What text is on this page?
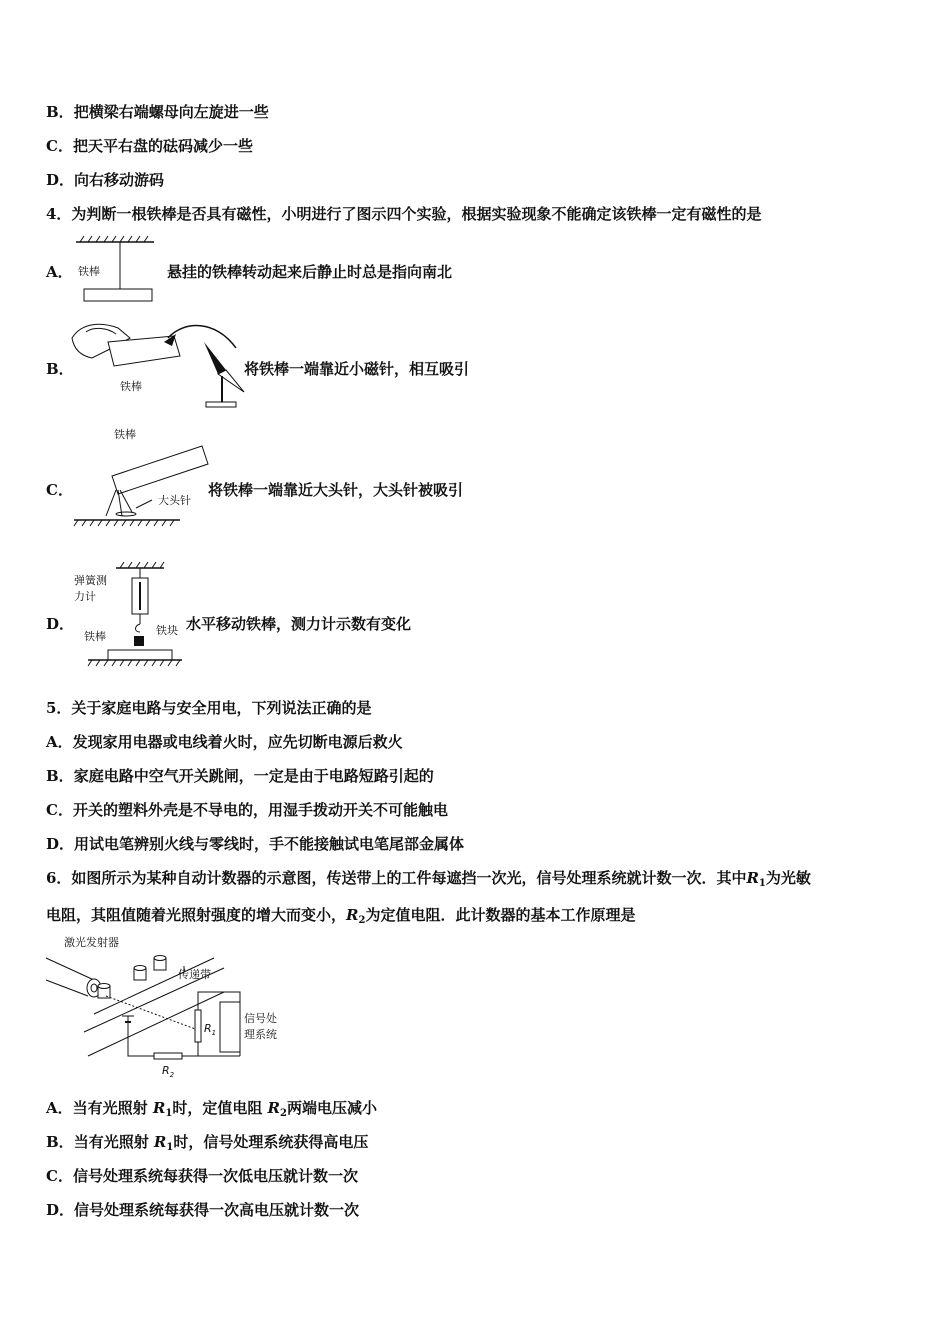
B．把横梁右端螺母向左旋进一些
C．把天平右盘的砝码减少一些
D．向右移动游码
4．为判断一根铁棒是否具有磁性，小明进行了图示四个实验，根据实验现象不能确定该铁棒一定有磁性的是
A． 铁棒	悬挂的铁棒转动起来后静止时总是指向南北
B．
铁棒
将铁棒一端靠近小磁针，相互吸引
C．
铁棒
大头针
将铁棒一端靠近大头针，大头针被吸引
D．
弹簧测
力计
铁块
铁棒
水平移动铁棒，测力计示数有变化
5．关于家庭电路与安全用电，下列说法正确的是
A．发现家用电器或电线着火时，应先切断电源后救火
B．家庭电路中空气开关跳闸，一定是由于电路短路引起的
C．开关的塑料外壳是不导电的，用湿手拨动开关不可能触电
D．用试电笔辨别火线与零线时，手不能接触试电笔尾部金属体
6．如图所示为某种自动计数器的示意图，传送带上的工件每遮挡一次光，信号处理系统就计数一次．其中$R_1$为光敏
电阻，其阻值随着光照射强度的增大而变小，$R_2$为定值电阻．此计数器的基本工作原理是
激光发射器
传递带
$R_1$
$R_2$
信号处
理系统
A．当有光照射 $R_1$时，定值电阻 $R_2$两端电压减小
B．当有光照射 $R_1$时，信号处理系统获得高电压
C．信号处理系统每获得一次低电压就计数一次
D．信号处理系统每获得一次高电压就计数一次
